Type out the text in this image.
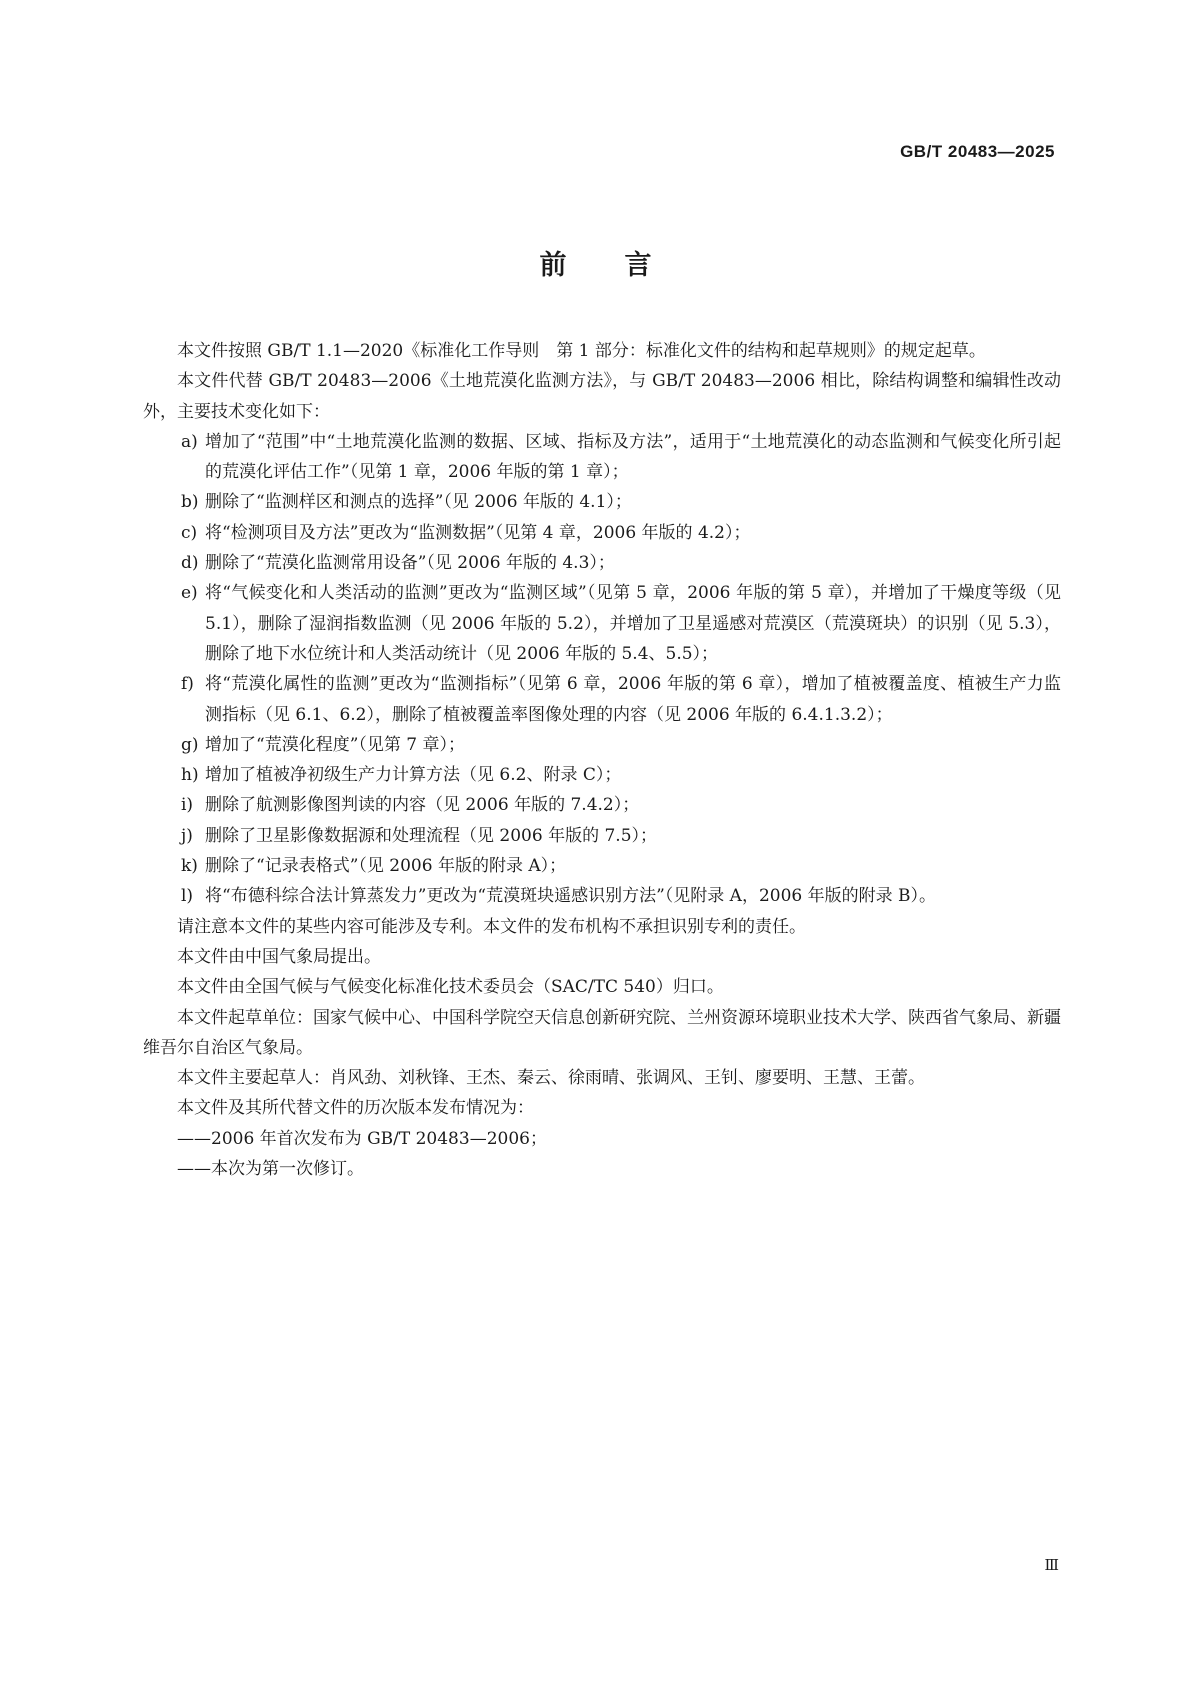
GB/T 20483—2025
前言

本文件按照 GB/T 1.1—2020《标准化工作导则　第 1 部分：标准化文件的结构和起草规则》的规定起草。

本文件代替 GB/T 20483—2006《土地荒漠化监测方法》，与 GB/T 20483—2006 相比，除结构调整和编辑性改动外，主要技术变化如下：

a) 增加了“范围”中“土地荒漠化监测的数据、区域、指标及方法”，适用于“土地荒漠化的动态监测和气候变化所引起的荒漠化评估工作”（见第 1 章，2006 年版的第 1 章）；

b) 删除了“监测样区和测点的选择”（见 2006 年版的 4.1）；

c) 将“检测项目及方法”更改为“监测数据”（见第 4 章，2006 年版的 4.2）；

d) 删除了“荒漠化监测常用设备”（见 2006 年版的 4.3）；

e) 将“气候变化和人类活动的监测”更改为“监测区域”（见第 5 章，2006 年版的第 5 章），并增加了干燥度等级（见 5.1），删除了湿润指数监测（见 2006 年版的 5.2），并增加了卫星遥感对荒漠区（荒漠斑块）的识别（见 5.3），删除了地下水位统计和人类活动统计（见 2006 年版的 5.4、5.5）；

f) 将“荒漠化属性的监测”更改为“监测指标”（见第 6 章，2006 年版的第 6 章），增加了植被覆盖度、植被生产力监测指标（见 6.1、6.2），删除了植被覆盖率图像处理的内容（见 2006 年版的 6.4.1.3.2）；

g) 增加了“荒漠化程度”（见第 7 章）；

h) 增加了植被净初级生产力计算方法（见 6.2、附录 C）；

i) 删除了航测影像图判读的内容（见 2006 年版的 7.4.2）；

j) 删除了卫星影像数据源和处理流程（见 2006 年版的 7.5）；

k) 删除了“记录表格式”（见 2006 年版的附录 A）；

l) 将“布德科综合法计算蒸发力”更改为“荒漠斑块遥感识别方法”（见附录 A，2006 年版的附录 B）。

请注意本文件的某些内容可能涉及专利。本文件的发布机构不承担识别专利的责任。

本文件由中国气象局提出。

本文件由全国气候与气候变化标准化技术委员会（SAC/TC 540）归口。

本文件起草单位：国家气候中心、中国科学院空天信息创新研究院、兰州资源环境职业技术大学、陕西省气象局、新疆维吾尔自治区气象局。

本文件主要起草人：肖风劲、刘秋锋、王杰、秦云、徐雨晴、张调风、王钊、廖要明、王慧、王蕾。

本文件及其所代替文件的历次版本发布情况为：

——2006 年首次发布为 GB/T 20483—2006；

——本次为第一次修订。

Ⅲ
